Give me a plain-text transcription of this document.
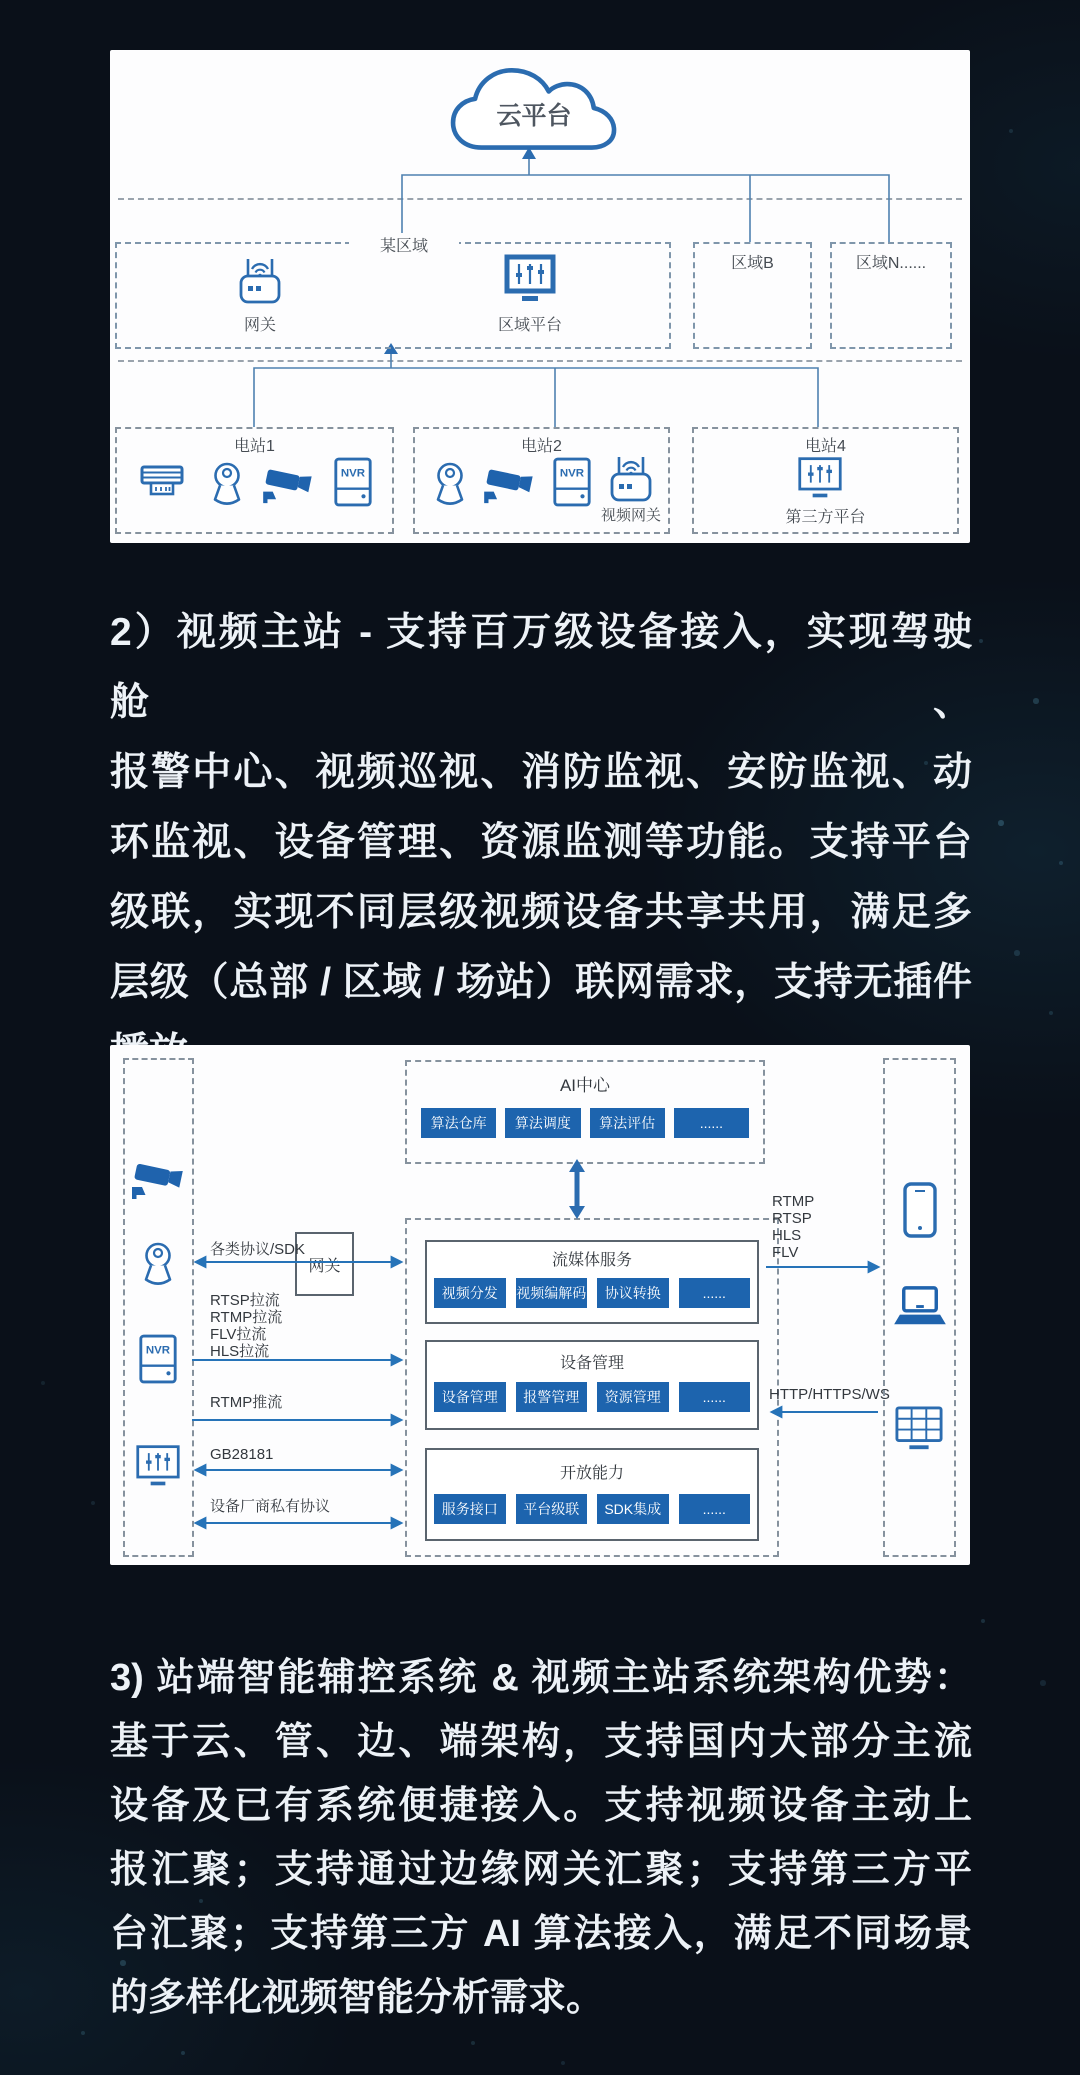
云平台
某区域
网关	区域平台
区域B	区域N......
电站1	电站2
视频网关
电站4
第三方平台
2）视频主站 - 支持百万级设备接入，实现驾驶舱、
报警中心、视频巡视、消防监视、安防监视、动
环监视、设备管理、资源监测等功能。支持平台
级联，实现不同层级视频设备共享共用，满足多
层级（总部 / 区域 / 场站）联网需求，支持无插件
网关
各类协议/SDK
RTSP拉流
RTMP拉流
FLV拉流
HLS拉流
RTMP推流
GB28181
设备厂商私有协议
AI中心
算法仓库	算法调度	算法评估	......
流媒体服务
视频分发	视频编解码	协议转换	......
设备管理
设备管理	报警管理	资源管理	......
开放能力
服务接口	平台级联	SDK集成	......
RTMP
RTSP
HLS
FLV
HTTP/HTTPS/WS
3) 站端智能辅控系统 & 视频主站系统架构优势：
基于云、管、边、端架构，支持国内大部分主流
设备及已有系统便捷接入。支持视频设备主动上
报汇聚；支持通过边缘网关汇聚；支持第三方平
台汇聚；支持第三方 AI 算法接入，满足不同场景
的多样化视频智能分析需求。
